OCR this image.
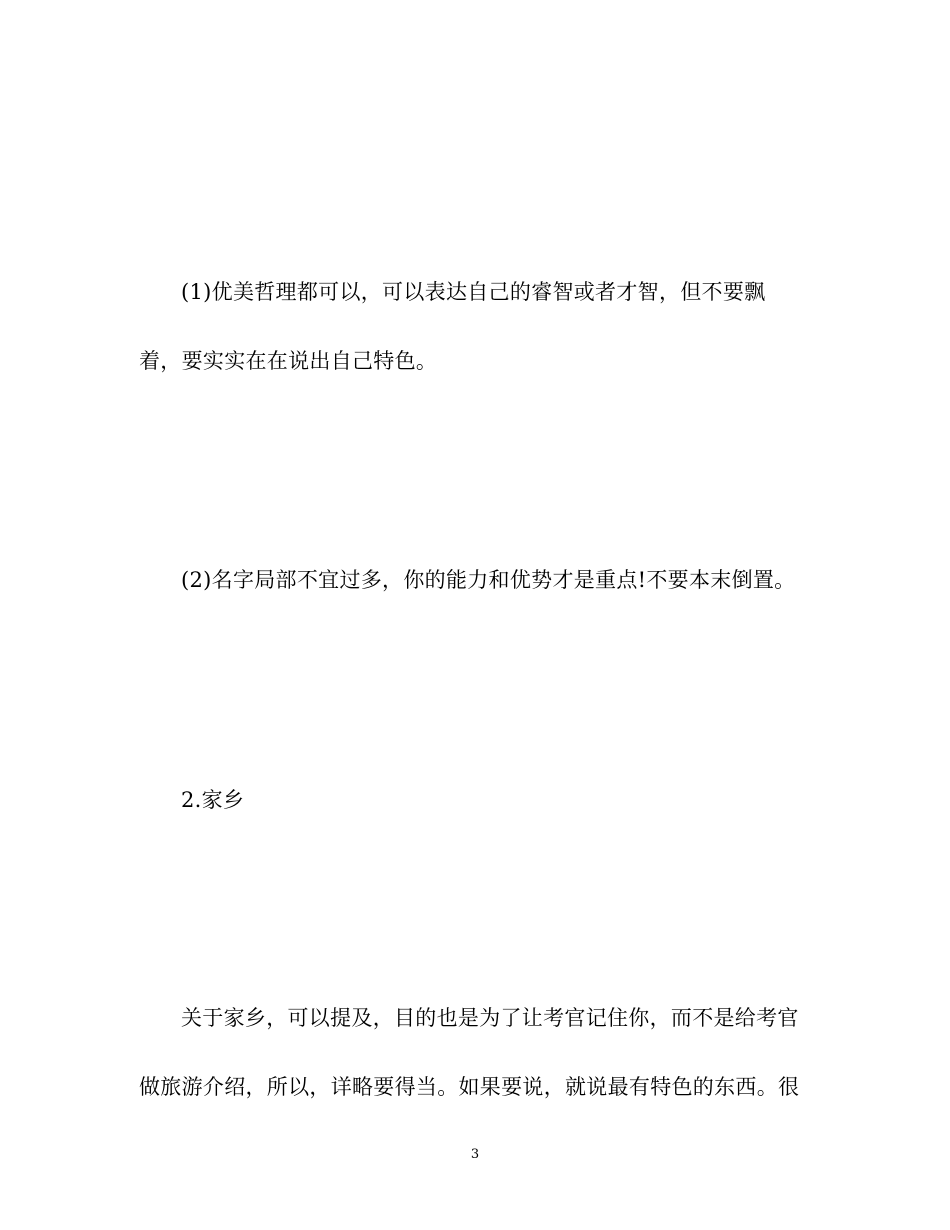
(1)优美哲理都可以，可以表达自己的睿智或者才智，但不要飘
着，要实实在在说出自己特色。
(2)名字局部不宜过多，你的能力和优势才是重点!不要本末倒置。
2.家乡
关于家乡，可以提及，目的也是为了让考官记住你，而不是给考官
做旅游介绍，所以，详略要得当。如果要说，就说最有特色的东西。很
3
